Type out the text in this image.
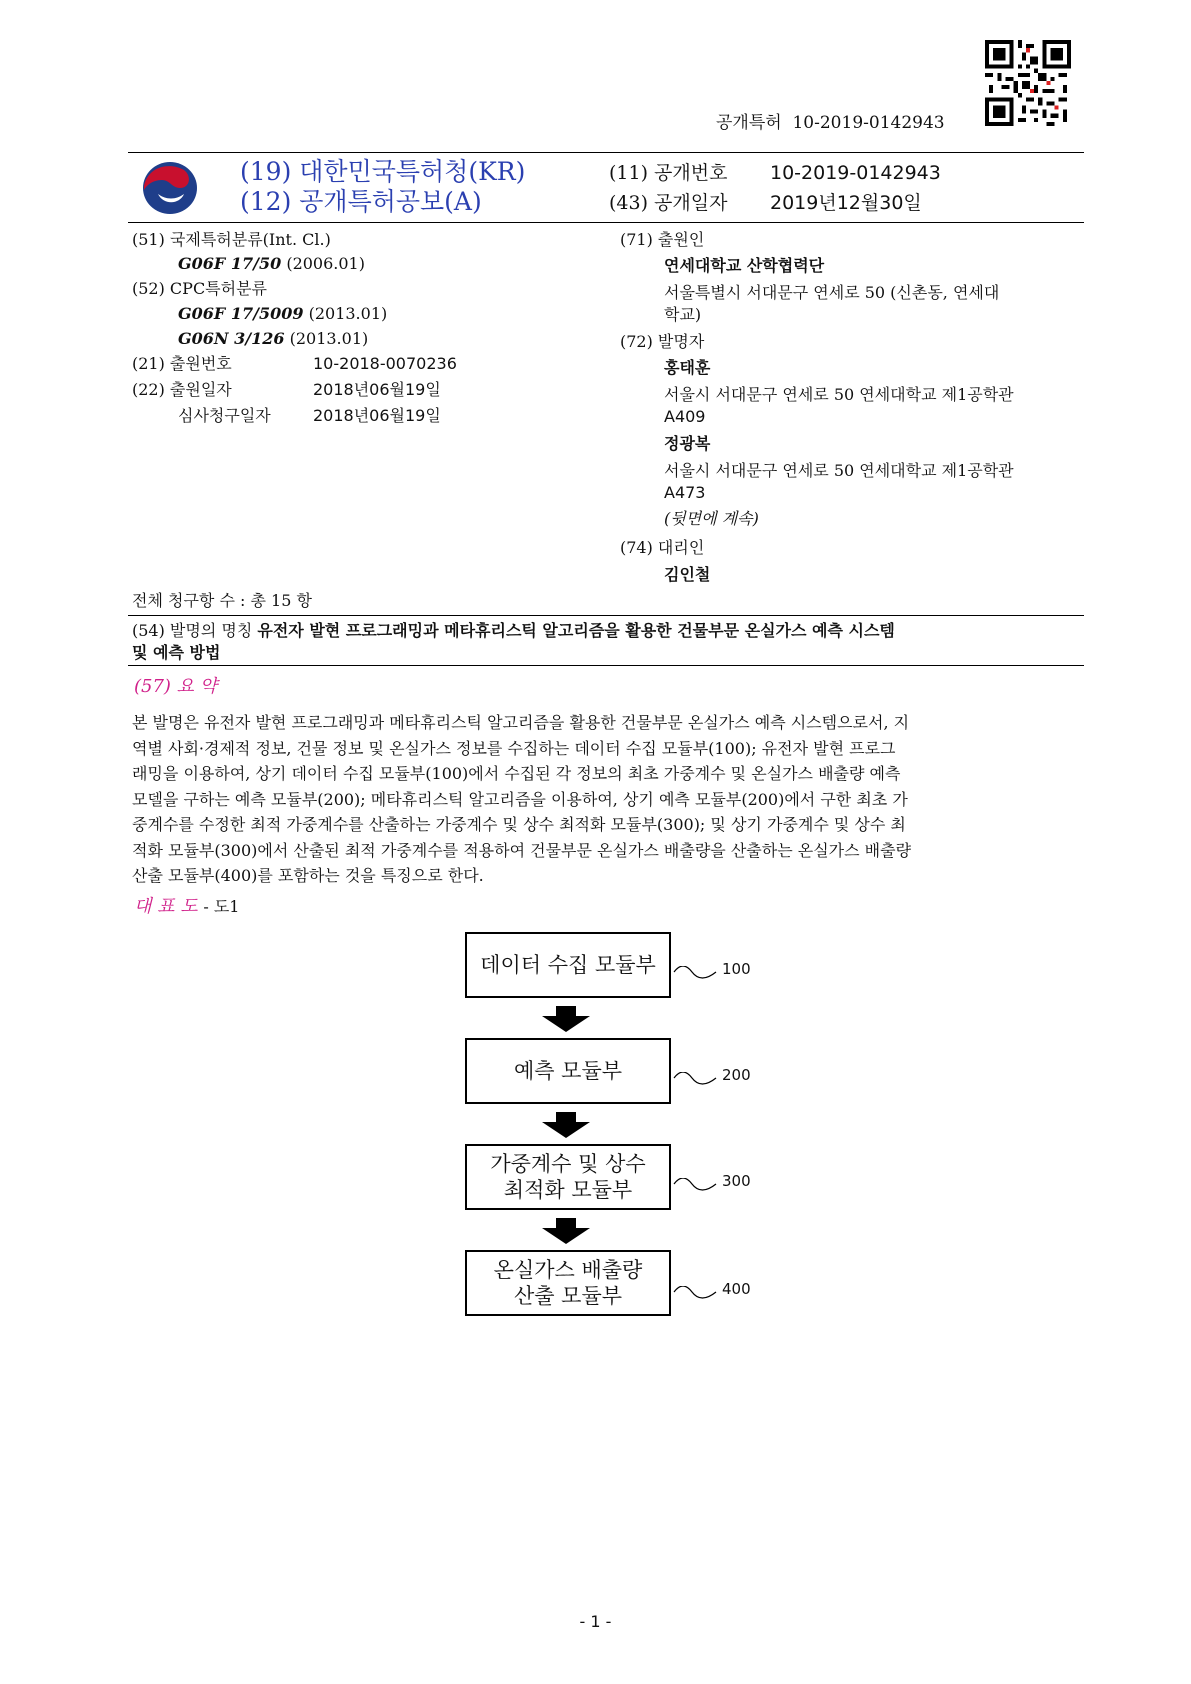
공개특허  10-2019-0142943
(19) 대한민국특허청(KR)
(12) 공개특허공보(A)
(11) 공개번호 10-2019-0142943
(43) 공개일자 2019년12월30일
(51) 국제특허분류(Int. Cl.)
G06F 17/50 (2006.01)
(52) CPC특허분류
G06F 17/5009 (2013.01)
G06N 3/126 (2013.01)
(21) 출원번호	10-2018-0070236
(22) 출원일자	2018년06월19일
심사청구일자	2018년06월19일
(71) 출원인
연세대학교 산학협력단
서울특별시 서대문구 연세로 50 (신촌동, 연세대
학교)
(72) 발명자
홍태훈
서울시 서대문구 연세로 50 연세대학교 제1공학관
A409
정광복
서울시 서대문구 연세로 50 연세대학교 제1공학관
A473
(뒷면에 계속)
(74) 대리인
김인철
전체 청구항 수 : 총 15 항
(54) 발명의 명칭 유전자 발현 프로그래밍과 메타휴리스틱 알고리즘을 활용한 건물부문 온실가스 예측 시스템
및 예측 방법
(57) 요 약
본 발명은 유전자 발현 프로그래밍과 메타휴리스틱 알고리즘을 활용한 건물부문 온실가스 예측 시스템으로서, 지
역별 사회·경제적 정보, 건물 정보 및 온실가스 정보를 수집하는 데이터 수집 모듈부(100); 유전자 발현 프로그
래밍을 이용하여, 상기 데이터 수집 모듈부(100)에서 수집된 각 정보의 최초 가중계수 및 온실가스 배출량 예측
모델을 구하는 예측 모듈부(200); 메타휴리스틱 알고리즘을 이용하여, 상기 예측 모듈부(200)에서 구한 최초 가
중계수를 수정한 최적 가중계수를 산출하는 가중계수 및 상수 최적화 모듈부(300); 및 상기 가중계수 및 상수 최
적화 모듈부(300)에서 산출된 최적 가중계수를 적용하여 건물부문 온실가스 배출량을 산출하는 온실가스 배출량
산출 모듈부(400)를 포함하는 것을 특징으로 한다.
대 표 도 - 도1
데이터 수집 모듈부	100
예측 모듈부	200
가중계수 및 상수
최적화 모듈부	300
온실가스 배출량
산출 모듈부	400
- 1 -
